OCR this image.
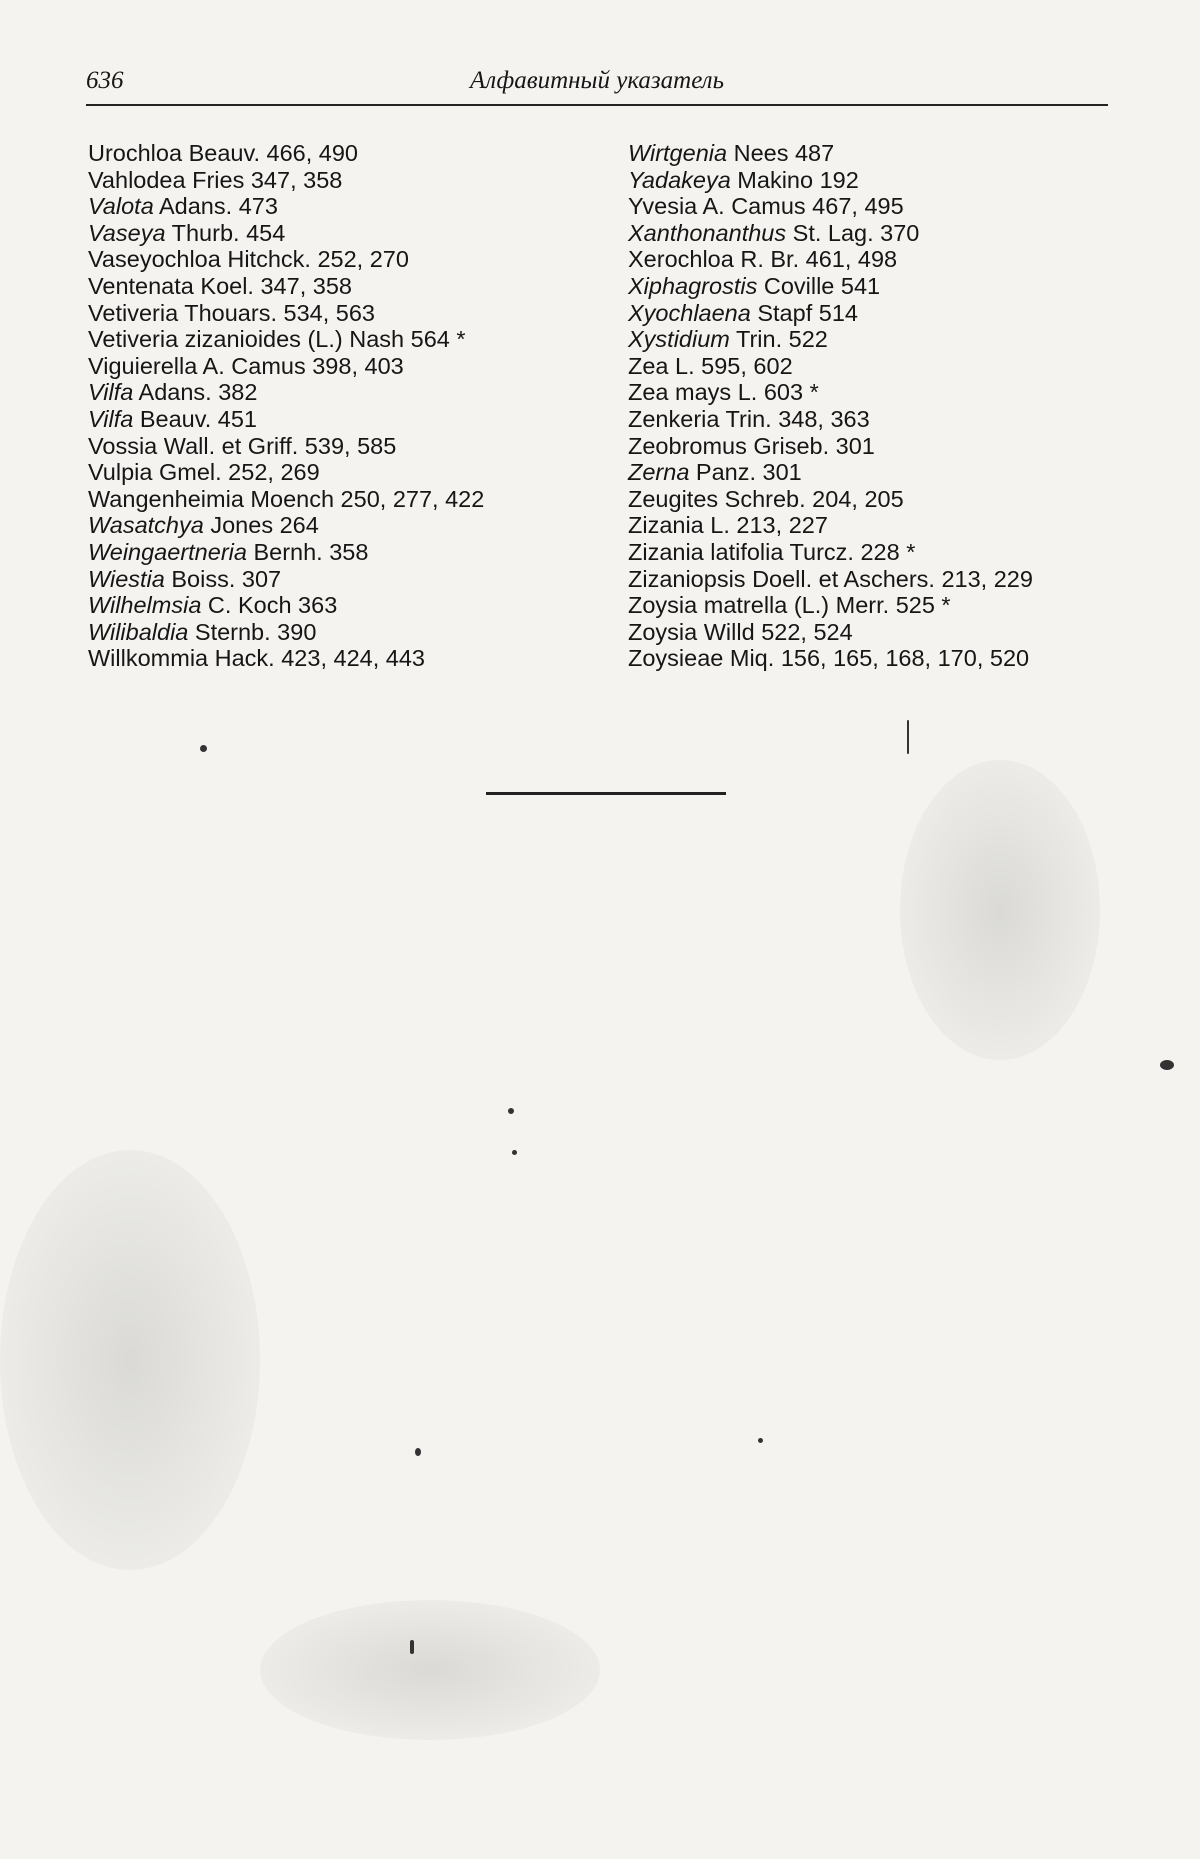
636	Алфавитный указатель
Urochloa Beauv. 466, 490
Vahlodea Fries 347, 358
Valota Adans. 473
Vaseya Thurb. 454
Vaseyochloa Hitchck. 252, 270
Ventenata Koel. 347, 358
Vetiveria Thouars. 534, 563
Vetiveria zizanioides (L.) Nash 564 *
Viguierella A. Camus 398, 403
Vilfa Adans. 382
Vilfa Beauv. 451
Vossia Wall. et Griff. 539, 585
Vulpia Gmel. 252, 269
Wangenheimia Moench 250, 277, 422
Wasatchya Jones 264
Weingaertneria Bernh. 358
Wiestia Boiss. 307
Wilhelmsia C. Koch 363
Wilibaldia Sternb. 390
Willkommia Hack. 423, 424, 443
Wirtgenia Nees 487
Yadakeya Makino 192
Yvesia A. Camus 467, 495
Xanthonanthus St. Lag. 370
Xerochloa R. Br. 461, 498
Xiphagrostis Coville 541
Xyochlaena Stapf 514
Xystidium Trin. 522
Zea L. 595, 602
Zea mays L. 603 *
Zenkeria Trin. 348, 363
Zeobromus Griseb. 301
Zerna Panz. 301
Zeugites Schreb. 204, 205
Zizania L. 213, 227
Zizania latifolia Turcz. 228 *
Zizaniopsis Doell. et Aschers. 213, 229
Zoysia matrella (L.) Merr. 525 *
Zoysia Willd 522, 524
Zoysieae Miq. 156, 165, 168, 170, 520
